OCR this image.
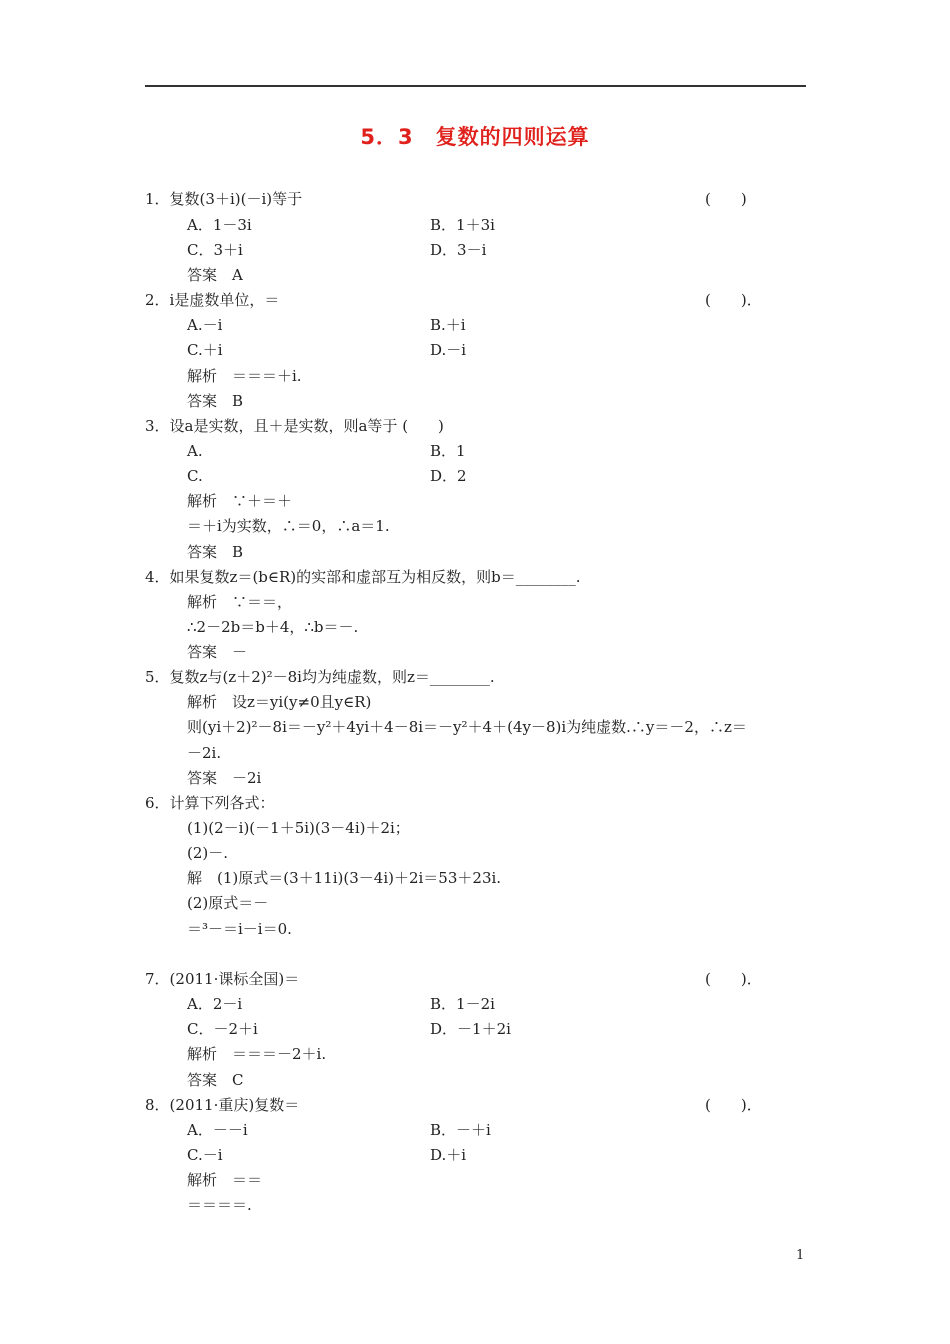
5．3　复数的四则运算
1．复数(3＋i)(－i)等于	(　　)
A．1－3i	B．1＋3i
C．3＋i	D．3－i
答案　A
2．i是虚数单位，＝	(　　)．
A.－i	B.＋i
C.＋i	D.－i
解析　＝＝＝＋i.
答案　B
3．设a是实数，且＋是实数，则a等于 (　　)
A.	B．1
C.	D．2
解析　∵＋＝＋
＝＋i为实数，∴＝0，∴a＝1.
答案　B
4．如果复数z＝(b∈R)的实部和虚部互为相反数，则b＝________.
解析　∵＝＝，
∴2－2b＝b＋4，∴b＝－.
答案　－
5．复数z与(z＋2)²－8i均为纯虚数，则z＝________.
解析　设z＝yi(y≠0且y∈R)
则(yi＋2)²－8i＝－y²＋4yi＋4－8i＝－y²＋4＋(4y－8)i为纯虚数.∴y＝－2，∴z＝
－2i.
答案　－2i
6．计算下列各式：
(1)(2－i)(－1＋5i)(3－4i)＋2i；
(2)－.
解　(1)原式＝(3＋11i)(3－4i)＋2i＝53＋23i.
(2)原式＝－
＝³－＝i－i＝0.
7．(2011·课标全国)＝	(　　)．
A．2－i	B．1－2i
C．－2＋i	D．－1＋2i
解析　＝＝＝－2＋i.
答案　C
8．(2011·重庆)复数＝	(　　)．
A．－－i	B．－＋i
C.－i	D.＋i
解析　＝＝
＝＝＝＝.
1
